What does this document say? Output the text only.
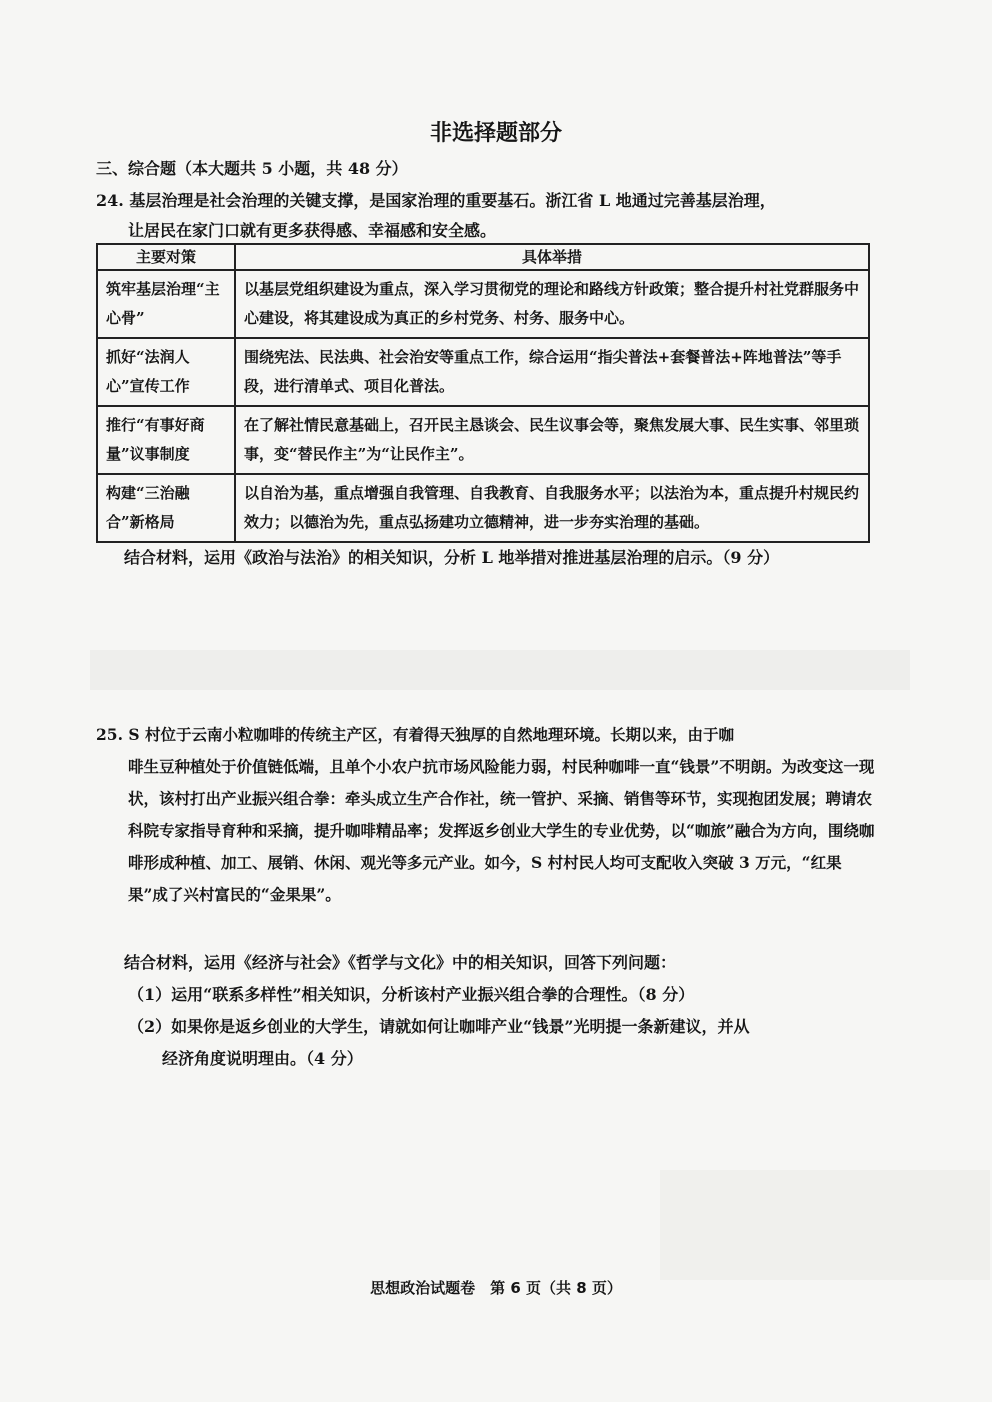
非选择题部分
三、综合题（本大题共 5 小题，共 48 分）
24. 基层治理是社会治理的关键支撑，是国家治理的重要基石。浙江省 L 地通过完善基层治理，
让居民在家门口就有更多获得感、幸福感和安全感。
主要对策	具体举措
筑牢基层治理“主心骨”	以基层党组织建设为重点，深入学习贯彻党的理论和路线方针政策；整合提升村社党群服务中心建设，将其建设成为真正的乡村党务、村务、服务中心。
抓好“法润人心”宣传工作	围绕宪法、民法典、社会治安等重点工作，综合运用“指尖普法+套餐普法+阵地普法”等手段，进行清单式、项目化普法。
推行“有事好商量”议事制度	在了解社情民意基础上，召开民主恳谈会、民生议事会等，聚焦发展大事、民生实事、邻里琐事，变“替民作主”为“让民作主”。
构建“三治融合”新格局	以自治为基，重点增强自我管理、自我教育、自我服务水平；以法治为本，重点提升村规民约效力；以德治为先，重点弘扬建功立德精神，进一步夯实治理的基础。
结合材料，运用《政治与法治》的相关知识，分析 L 地举措对推进基层治理的启示。（9 分）
25. S 村位于云南小粒咖啡的传统主产区，有着得天独厚的自然地理环境。长期以来，由于咖
啡生豆种植处于价值链低端，且单个小农户抗市场风险能力弱，村民种咖啡一直“钱景”不明朗。为改变这一现状，该村打出产业振兴组合拳：牵头成立生产合作社，统一管护、采摘、销售等环节，实现抱团发展；聘请农科院专家指导育种和采摘，提升咖啡精品率；发挥返乡创业大学生的专业优势，以“咖旅”融合为方向，围绕咖啡形成种植、加工、展销、休闲、观光等多元产业。如今，S 村村民人均可支配收入突破 3 万元，“红果果”成了兴村富民的“金果果”。
结合材料，运用《经济与社会》《哲学与文化》中的相关知识，回答下列问题：
（1）运用“联系多样性”相关知识，分析该村产业振兴组合拳的合理性。（8 分）
（2）如果你是返乡创业的大学生，请就如何让咖啡产业“钱景”光明提一条新建议，并从
经济角度说明理由。（4 分）
思想政治试题卷　第 6 页（共 8 页）
